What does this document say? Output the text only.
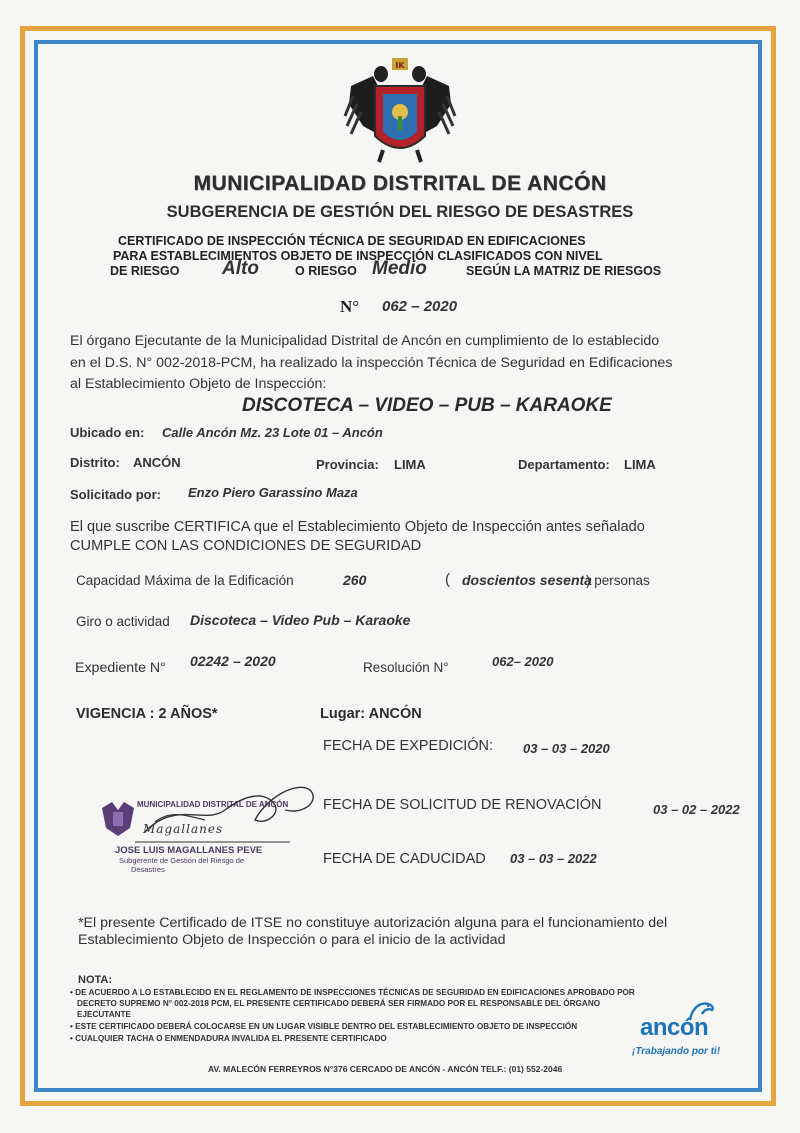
IK
MUNICIPALIDAD DISTRITAL DE ANCÓN
SUBGERENCIA DE GESTIÓN DEL RIESGO DE DESASTRES
CERTIFICADO DE INSPECCIÓN TÉCNICA DE SEGURIDAD EN EDIFICACIONES
PARA ESTABLECIMIENTOS OBJETO DE INSPECCIÓN CLASIFICADOS CON NIVEL
DE RIESGO Alto	O RIESGO Medio	SEGÚN LA MATRIZ DE RIESGOS
N° 062 – 2020
El órgano Ejecutante de la Municipalidad Distrital de Ancón en cumplimiento de lo establecido
en el D.S. N° 002-2018-PCM, ha realizado la inspección Técnica de Seguridad en Edificaciones
al Establecimiento Objeto de Inspección:
DISCOTECA – VIDEO – PUB – KARAOKE
Ubicado en: Calle Ancón Mz. 23 Lote 01 – Ancón
Distrito: ANCÓN	Provincia: LIMA	Departamento: LIMA
Solicitado por: Enzo Piero Garassino Maza
El que suscribe CERTIFICA que el Establecimiento Objeto de Inspección antes señalado
CUMPLE CON LAS CONDICIONES DE SEGURIDAD
Capacidad Máxima de la Edificación	260	( doscientos sesenta
) personas
Giro o actividad Discoteca – Video Pub – Karaoke
Expediente N° 02242 – 2020	Resolución N°	062– 2020
VIGENCIA : 2 AÑOS*	Lugar: ANCÓN
FECHA DE EXPEDICIÓN: 03 – 03 – 2020
FECHA DE SOLICITUD DE RENOVACIÓN	03 – 02 – 2022
FECHA DE CADUCIDAD 03 – 03 – 2022
MUNICIPALIDAD DISTRITAL DE ANCÓN
Magallanes
JOSE LUIS MAGALLANES PEVE
Subgerente de Gestión del Riesgo de
Desastres
*El presente Certificado de ITSE no constituye autorización alguna para el funcionamiento del
Establecimiento Objeto de Inspección o para el inicio de la actividad
NOTA:
• DE ACUERDO A LO ESTABLECIDO EN EL REGLAMENTO DE INSPECCIONES TÉCNICAS DE SEGURIDAD EN EDIFICACIONES APROBADO POR
DECRETO SUPREMO N° 002-2018 PCM, EL PRESENTE CERTIFICADO DEBERÁ SER FIRMADO POR EL RESPONSABLE DEL ÓRGANO
EJECUTANTE
• ESTE CERTIFICADO DEBERÁ COLOCARSE EN UN LUGAR VISIBLE DENTRO DEL ESTABLECIMIENTO OBJETO DE INSPECCIÓN
• CUALQUIER TACHA O ENMENDADURA INVALIDA EL PRESENTE CERTIFICADO	ancón
¡Trabajando por ti!
AV. MALECÓN FERREYROS N°376 CERCADO DE ANCÓN - ANCÓN TELF.: (01) 552-2046
